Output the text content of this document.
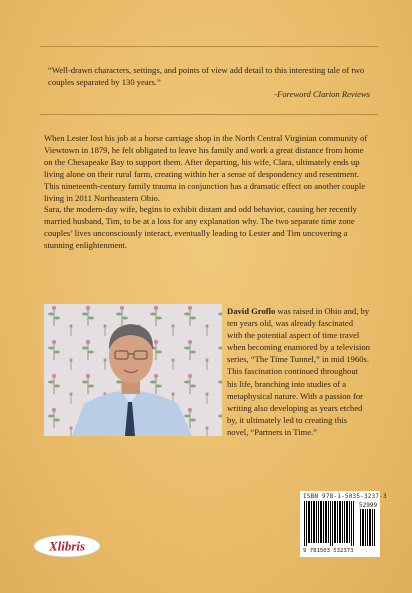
“Well-drawn characters, settings, and points of view add detail to this interesting tale of two couples separated by 130 years.”
-Foreword Clarion Reviews

When Lester lost his job at a horse carriage shop in the North Central Virginian community of Viewtown in 1879, he felt obligated to leave his family and work a great distance from home on the Chesapeake Bay to support them. After departing, his wife, Clara, ultimately ends up living alone on their rural farm, creating within her a sense of despondency and resentment. This nineteenth-century family trauma in conjunction has a dramatic effect on another couple living in 2011 Northeastern Ohio.

Sara, the modern-day wife, begins to exhibit distant and odd behavior, causing her recently married husband, Tim, to be at a loss for any explanation why. The two separate time zone couples’ lives unconsciously interact, eventually leading to Lester and Tim uncovering a stunning enlightenment.

David Groflo was raised in Ohio and, by ten years old, was already fascinated with the potential aspect of time travel when becoming enamored by a television series, “The Time Tunnel,” in mid 1960s. This fascination continued throughout his life, branching into studies of a metaphysical nature. With a passion for writing also developing as years etched by, it ultimately led to creating this novel, “Partners in Time.”
ISBN 978-1-5035-3237-3
52999
9 781503 532373
Xlibris
